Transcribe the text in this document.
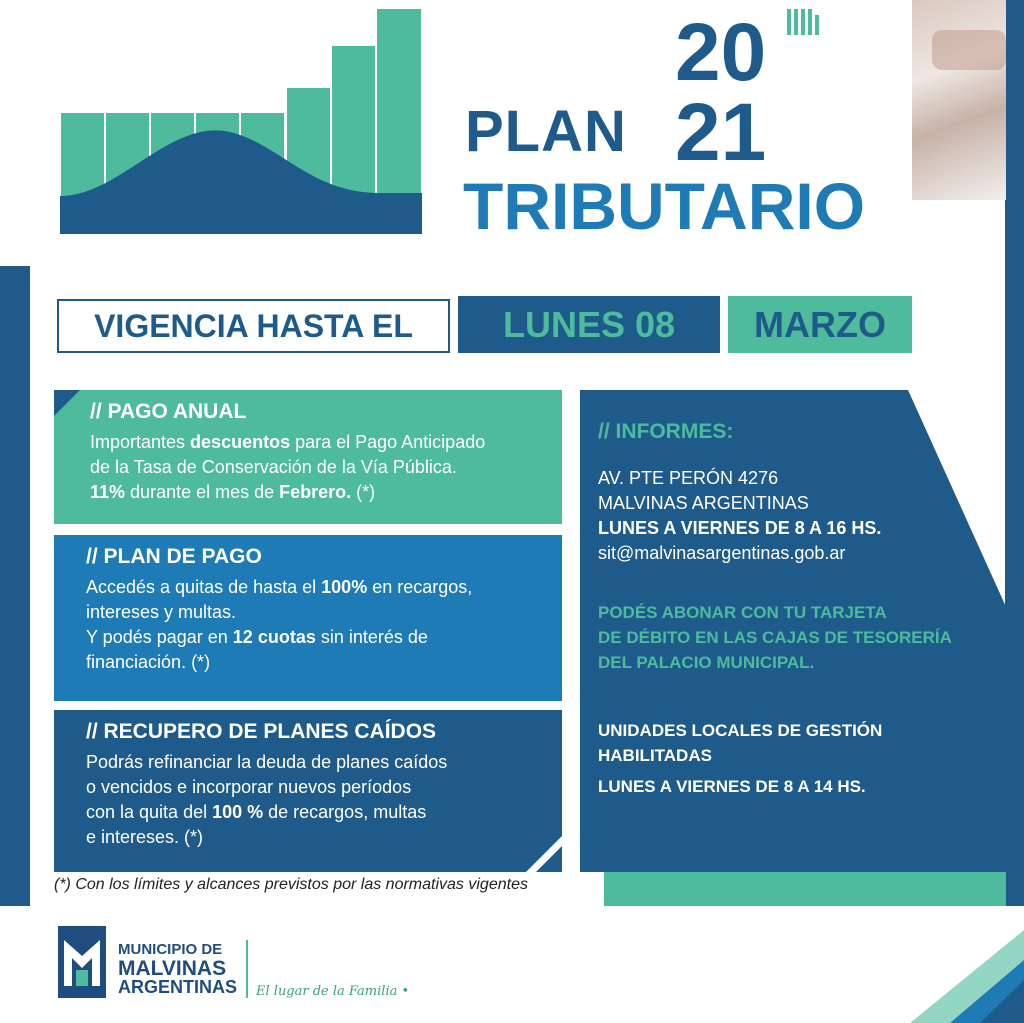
PLAN
TRIBUTARIO
20
21
VIGENCIA HASTA EL	LUNES 08	MARZO
// PAGO ANUAL
Importantes descuentos para el Pago Anticipado
de la Tasa de Conservación de la Vía Pública.
11% durante el mes de Febrero. (*)
// PLAN DE PAGO
Accedés a quitas de hasta el 100% en recargos,
intereses y multas.
Y podés pagar en 12 cuotas sin interés de
financiación. (*)
// RECUPERO DE PLANES CAÍDOS
Podrás refinanciar la deuda de planes caídos
o vencidos e incorporar nuevos períodos
con la quita del 100 % de recargos, multas
e intereses. (*)
// INFORMES:
AV. PTE PERÓN 4276
MALVINAS ARGENTINAS
LUNES A VIERNES DE 8 A 16 HS.
sit@malvinasargentinas.gob.ar
PODÉS ABONAR CON TU TARJETA
DE DÉBITO EN LAS CAJAS DE TESORERÍA
DEL PALACIO MUNICIPAL.
UNIDADES LOCALES DE GESTIÓN
HABILITADAS
LUNES A VIERNES DE 8 A 14 HS.
(*) Con los límites y alcances previstos por las normativas vigentes
MUNICIPIO DE
MALVINAS
ARGENTINAS El lugar de la Familia •
